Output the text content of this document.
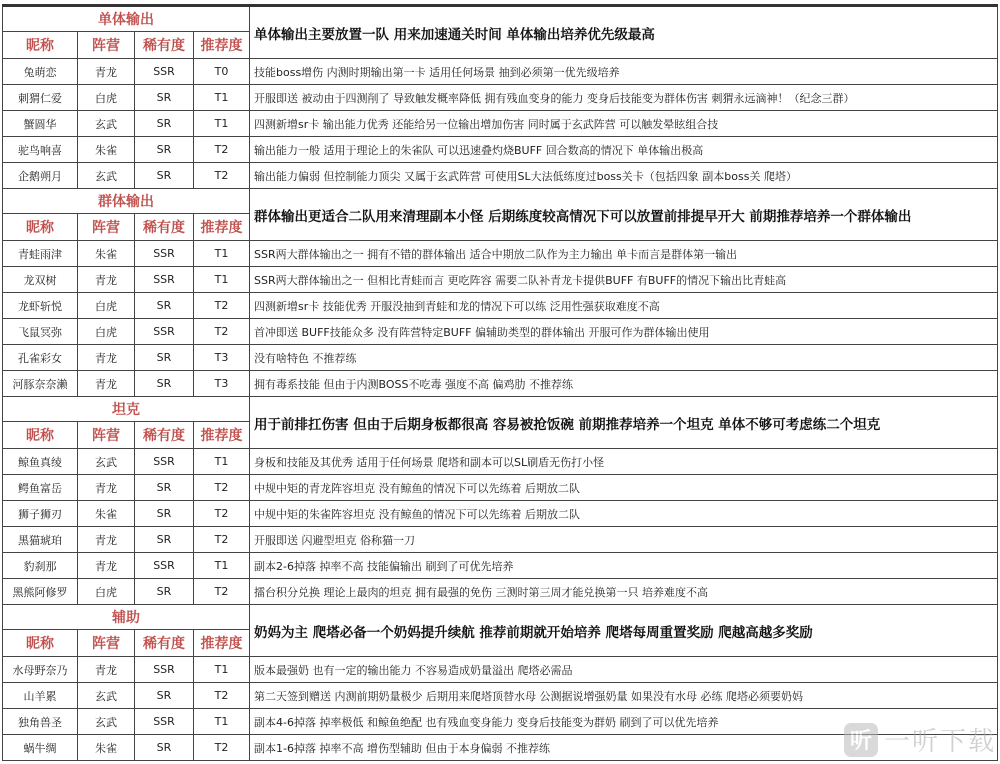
单体输出				单体输出主要放置一队 用来加速通关时间 单体输出培养优先级最高
昵称	阵营	稀有度	推荐度	
兔萌恋	青龙	SSR	T0	技能boss增伤 内测时期输出第一卡 适用任何场景 抽到必须第一优先级培养
刺猬仁爱	白虎	SR	T1	开服即送 被动由于四测削了 导致触发概率降低 拥有残血变身的能力 变身后技能变为群体伤害 刺猬永远滴神！（纪念三群）
蟹圆华	玄武	SR	T1	四测新增sr卡 输出能力优秀 还能给另一位输出增加伤害 同时属于玄武阵营 可以触发晕眩组合技
驼鸟响喜	朱雀	SR	T2	输出能力一般 适用于理论上的朱雀队 可以迅速叠灼烧BUFF 回合数高的情况下 单体输出极高
企鹅朔月	玄武	SR	T2	输出能力偏弱 但控制能力顶尖 又属于玄武阵营 可使用SL大法低练度过boss关卡（包括四象 副本boss关 爬塔）
群体输出				群体输出更适合二队用来清理副本小怪 后期练度较高情况下可以放置前排提早开大 前期推荐培养一个群体输出
昵称	阵营	稀有度	推荐度	
青蛙雨津	朱雀	SSR	T1	SSR两大群体输出之一 拥有不错的群体输出 适合中期放二队作为主力输出 单卡而言是群体第一输出
龙双树	青龙	SSR	T1	SSR两大群体输出之一 但相比青蛙而言 更吃阵容 需要二队补青龙卡提供BUFF 有BUFF的情况下输出比青蛙高
龙虾斩悦	白虎	SR	T2	四测新增sr卡 技能优秀 开服没抽到青蛙和龙的情况下可以练 泛用性强获取难度不高
飞鼠冥弥	白虎	SSR	T2	首冲即送 BUFF技能众多 没有阵营特定BUFF 偏辅助类型的群体输出 开服可作为群体输出使用
孔雀彩女	青龙	SR	T3	没有啥特色 不推荐练
河豚奈奈濑	青龙	SR	T3	拥有毒系技能 但由于内测BOSS不吃毒 强度不高 偏鸡肋 不推荐练
坦克				用于前排扛伤害 但由于后期身板都很高 容易被抢饭碗 前期推荐培养一个坦克 单体不够可考虑练二个坦克
昵称	阵营	稀有度	推荐度	
鲸鱼真绫	玄武	SSR	T1	身板和技能及其优秀 适用于任何场景 爬塔和副本可以SL刷盾无伤打小怪
鳄鱼富岳	青龙	SR	T2	中规中矩的青龙阵容坦克 没有鲸鱼的情况下可以先练着 后期放二队
狮子狮刃	朱雀	SR	T2	中规中矩的朱雀阵容坦克 没有鲸鱼的情况下可以先练着 后期放二队
黑猫琥珀	青龙	SR	T2	开服即送 闪避型坦克 俗称猫一刀
豹刹那	青龙	SSR	T1	副本2-6掉落 掉率不高 技能偏输出 刷到了可优先培养
黑熊阿修罗	白虎	SR	T2	擂台积分兑换 理论上最肉的坦克 拥有最强的免伤 三测时第三周才能兑换第一只 培养难度不高
辅助				奶妈为主 爬塔必备一个奶妈提升续航 推荐前期就开始培养 爬塔每周重置奖励 爬越高越多奖励
昵称	阵营	稀有度	推荐度	
水母野奈乃	青龙	SSR	T1	版本最强奶 也有一定的输出能力 不容易造成奶量溢出 爬塔必需品
山羊累	玄武	SR	T2	第二天签到赠送 内测前期奶量极少 后期用来爬塔顶替水母 公测据说增强奶量 如果没有水母 必练 爬塔必须要奶妈
独角兽圣	玄武	SSR	T1	副本4-6掉落 掉率极低 和鲸鱼绝配 也有残血变身能力 变身后技能变为群奶 刷到了可以优先培养
蜗牛绸	朱雀	SR	T2	副本1-6掉落 掉率不高 增伤型辅助 但由于本身偏弱 不推荐练	听 一听下载
